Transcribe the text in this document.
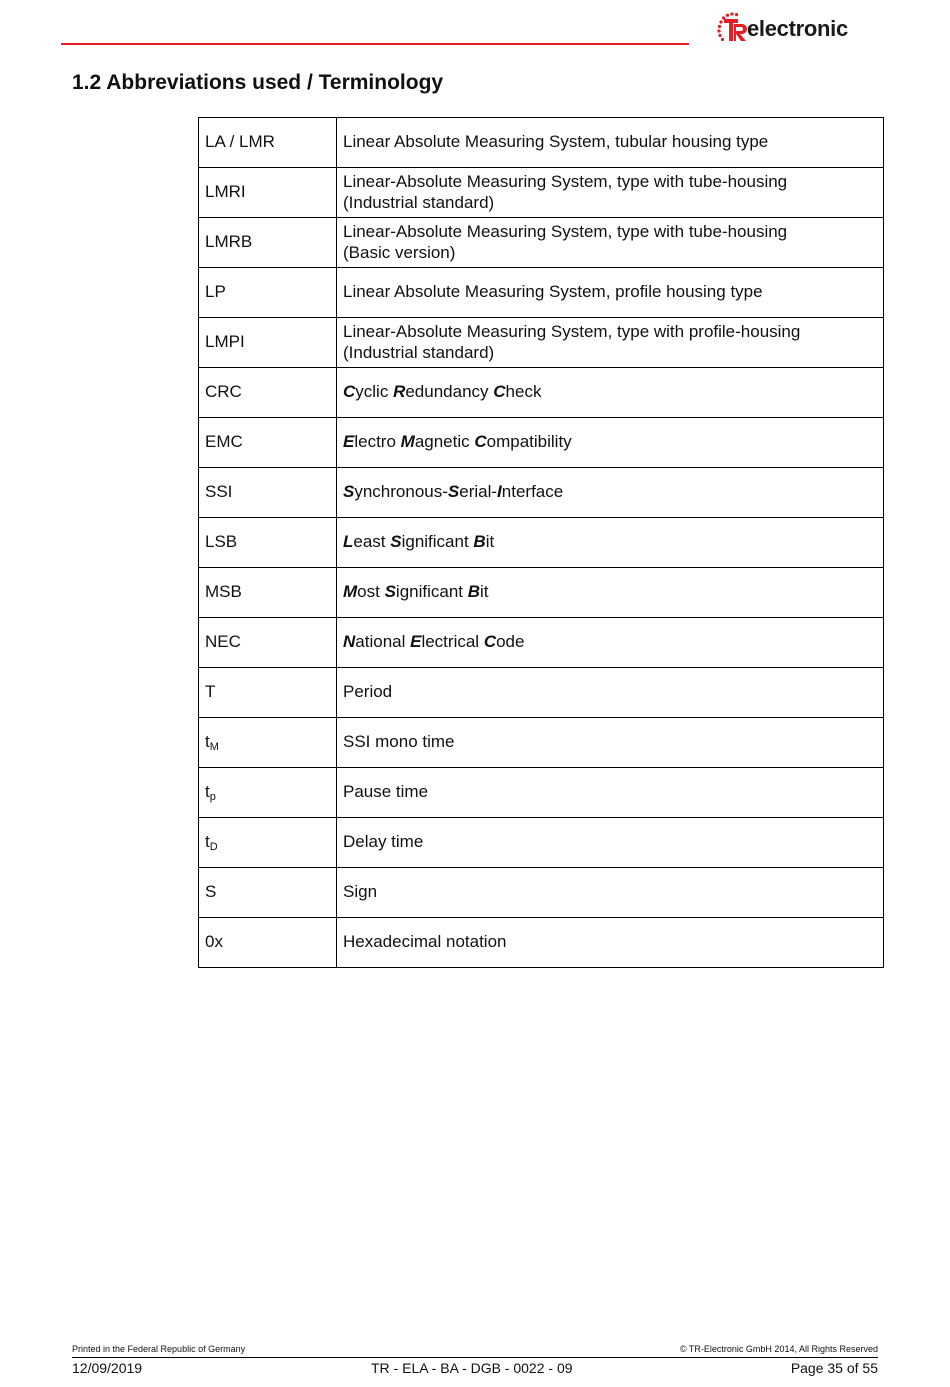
electronic
1.2 Abbreviations used / Terminology
LA / LMR	Linear Absolute Measuring System, tubular housing type
LMRI	Linear-Absolute Measuring System, type with tube-housing
(Industrial standard)
LMRB	Linear-Absolute Measuring System, type with tube-housing
(Basic version)
LP	Linear Absolute Measuring System, profile housing type
LMPI	Linear-Absolute Measuring System, type with profile-housing
(Industrial standard)
CRC	Cyclic Redundancy Check
EMC	Electro Magnetic Compatibility
SSI	Synchronous-Serial-Interface
LSB	Least Significant Bit
MSB	Most Significant Bit
NEC	National Electrical Code
T	Period
$t_M$	SSI mono time
$t_p$	Pause time
$t_D$	Delay time
S	Sign
0x	Hexadecimal notation
Printed in the Federal Republic of Germany	© TR-Electronic GmbH 2014, All Rights Reserved
12/09/2019	TR - ELA - BA - DGB - 0022 - 09	Page 35 of 55
